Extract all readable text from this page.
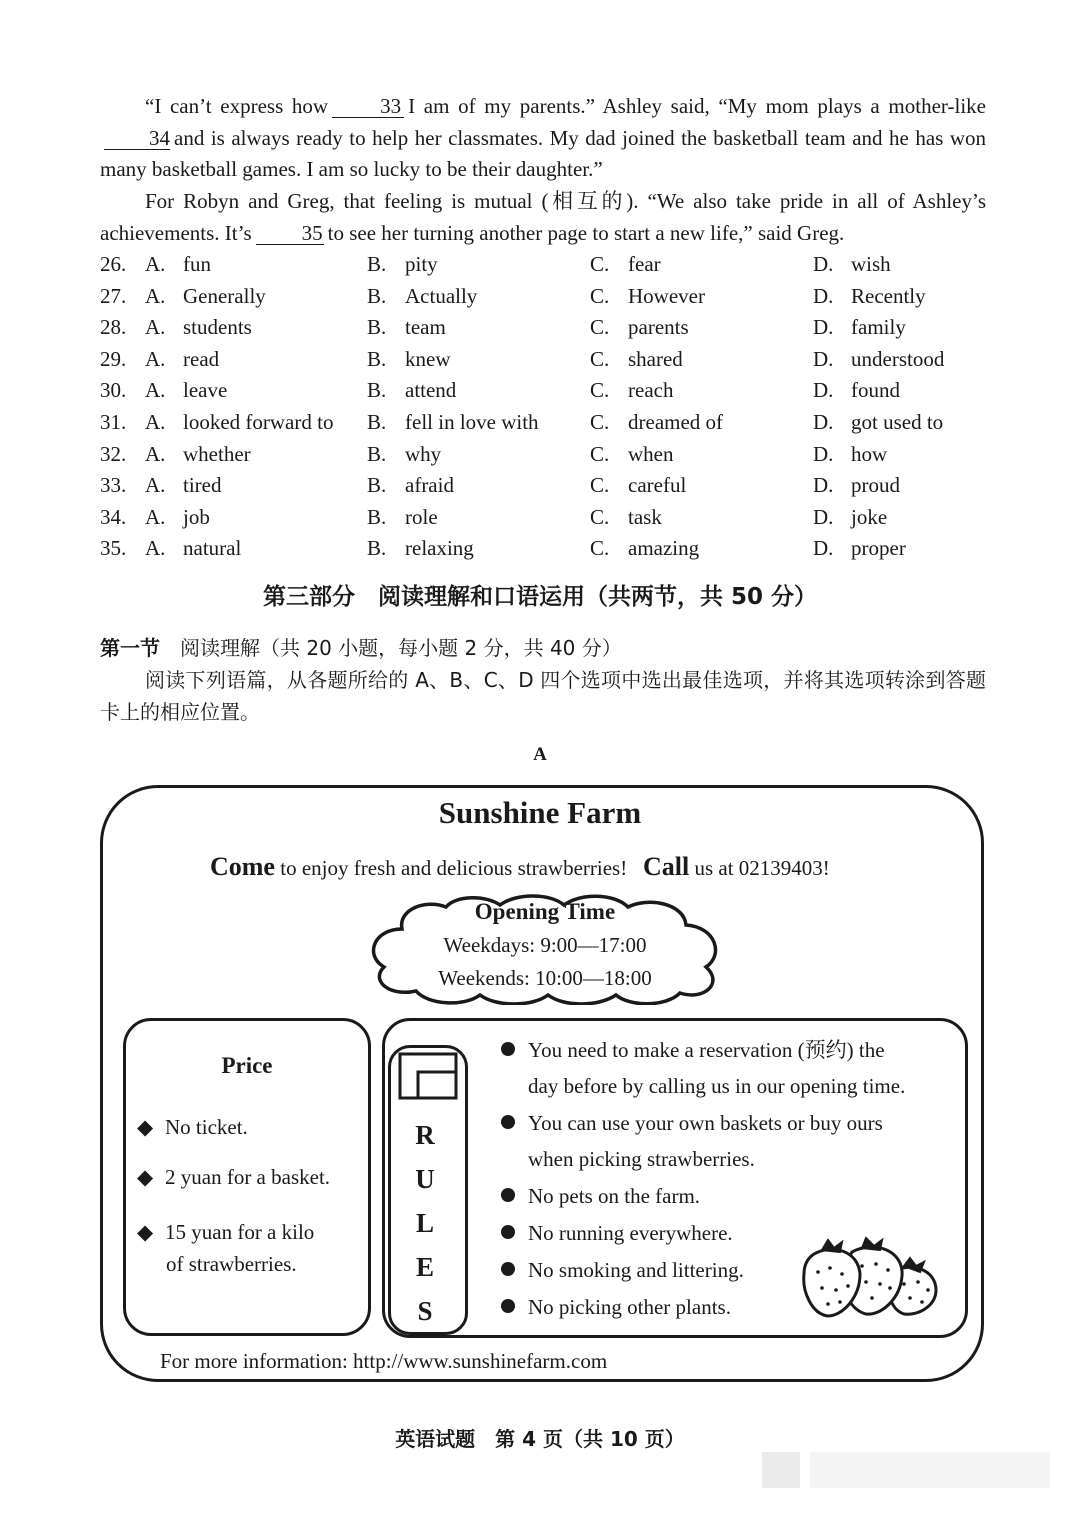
“I can’t express how 33 I am of my parents.” Ashley said, “My mom plays a mother-like34 and is always ready to help her classmates. My dad joined the basketball team and he has won many basketball games. I am so lucky to be their daughter.”

For Robyn and Greg, that feeling is mutual (相互的). “We also take pride in all of Ashley’s achievements. It’s 35 to see her turning another page to start a new life,” said Greg.

26. A. fun	B. pity	C. fear	D. wish
27. A. Generally	B. Actually	C. However	D. Recently
28. A. students	B. team	C. parents	D. family
29. A. read	B. knew	C. shared	D. understood
30. A. leave	B. attend	C. reach	D. found
31. A. looked forward to B. fell in love with C. dreamed of	D. got used to
32. A. whether	B. why	C. when	D. how
33. A. tired	B. afraid	C. careful	D. proud
34. A. job	B. role	C. task	D. joke
35. A. natural	B. relaxing	C. amazing	D. proper
第三部分　阅读理解和口语运用（共两节，共 50 分）
第一节 阅读理解（共 20 小题，每小题 2 分，共 40 分）

阅读下列语篇，从各题所给的 A、B、C、D 四个选项中选出最佳选项，并将其选项转涂到答题卡上的相应位置。

A
Sunshine Farm
Come to enjoy fresh and delicious strawberries! Call us at 02139403!
Opening Time
Weekdays: 9:00—17:00
Weekends: 10:00—18:00
Price
◆ No ticket.
◆ 2 yuan for a basket.
◆ 15 yuan for a kilo
of strawberries.
R
U
L
E
S
You need to make a reservation (预约) the
day before by calling us in our opening time.
You can use your own baskets or buy ours
when picking strawberries.
No pets on the farm.
No running everywhere.
No smoking and littering.
No picking other plants.
For more information: http://www.sunshinefarm.com
英语试题　第 4 页（共 10 页）
